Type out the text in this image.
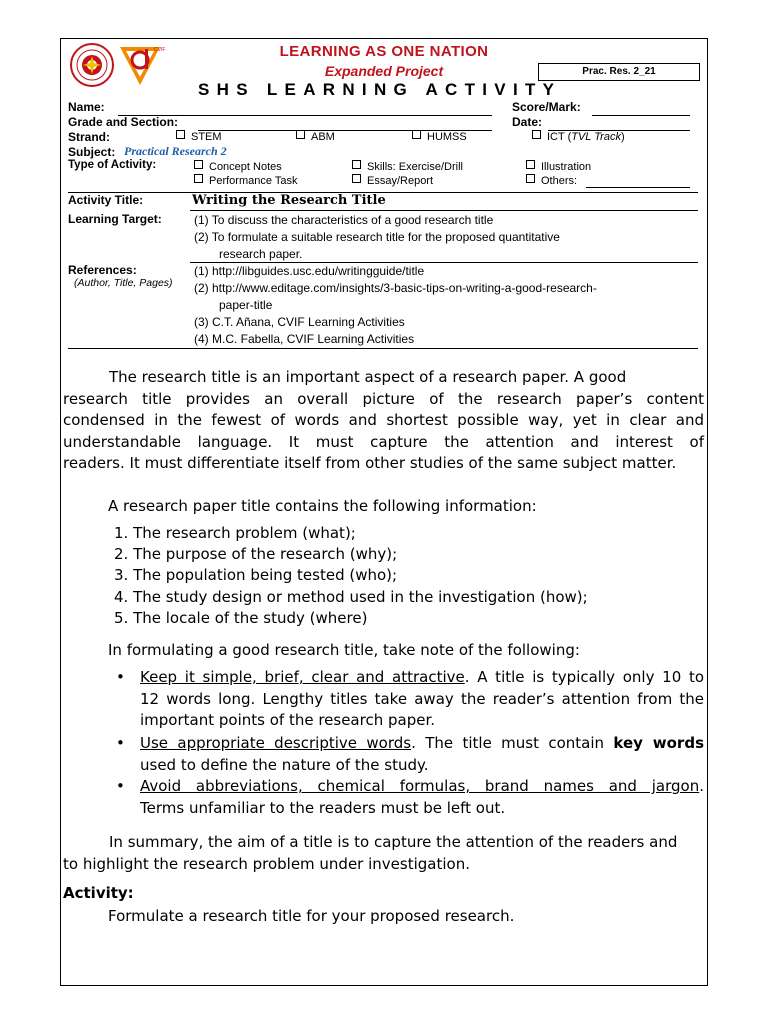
CVIF	LEARNING AS ONE NATION
Expanded Project
SHS LEARNING ACTIVITY
Prac. Res. 2_21
Name:	Score/Mark:
Grade and Section:	Date:
Strand:	STEM	ABM	HUMSS	ICT (TVL Track)
Subject: Practical Research 2
Type of Activity:	Concept Notes	Skills: Exercise/Drill	Illustration
Performance Task	Essay/Report	Others:
Activity Title:	Writing the Research Title
Learning Target:	(1) To discuss the characteristics of a good research title
(2) To formulate a suitable research title for the proposed quantitative
research paper.
References:
(Author, Title, Pages)
(1) http://libguides.usc.edu/writingguide/title
(2) http://www.editage.com/insights/3-basic-tips-on-writing-a-good-research-
paper-title
(3) C.T. Añana, CVIF Learning Activities
(4) M.C. Fabella, CVIF Learning Activities
The research title is an important aspect of a research paper. A good
research title provides an overall picture of the research paper’s content
condensed in the fewest of words and shortest possible way, yet in clear and
understandable language. It must capture the attention and interest of
readers. It must differentiate itself from other studies of the same subject matter.
A research paper title contains the following information:
1. The research problem (what);
2. The purpose of the research (why);
3. The population being tested (who);
4. The study design or method used in the investigation (how);
5. The locale of the study (where)
In formulating a good research title, take note of the following:
• Keep it simple, brief, clear and attractive. A title is typically only 10 to
12 words long. Lengthy titles take away the reader’s attention from the
important points of the research paper.
• Use appropriate descriptive words. The title must contain key words
used to define the nature of the study.
• Avoid abbreviations, chemical formulas, brand names and jargon.
Terms unfamiliar to the readers must be left out.
In summary, the aim of a title is to capture the attention of the readers and
to highlight the research problem under investigation.
Activity:
Formulate a research title for your proposed research.
